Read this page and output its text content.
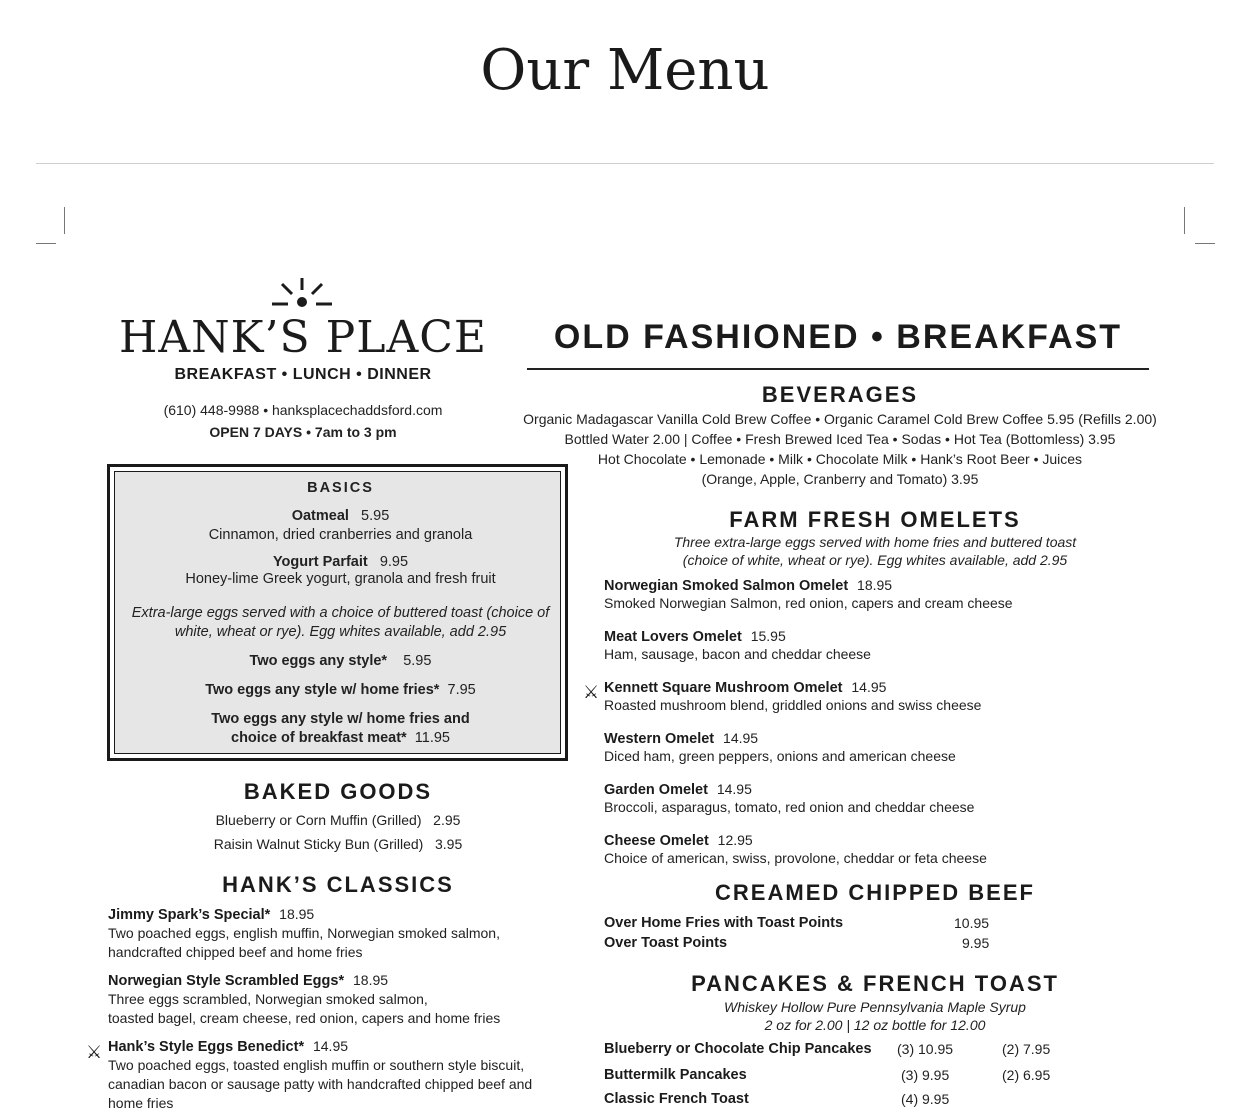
Our Menu
HANK’S PLACE
BREAKFAST • LUNCH • DINNER
(610) 448-9988 • hanksplacechaddsford.com
OPEN 7 DAYS • 7am to 3 pm
BASICS
Oatmeal 5.95
Cinnamon, dried cranberries and granola
Yogurt Parfait 9.95
Honey-lime Greek yogurt, granola and fresh fruit
Extra-large eggs served with a choice of buttered toast (choice of
white, wheat or rye). Egg whites available, add 2.95
Two eggs any style* 5.95
Two eggs any style w/ home fries* 7.95
Two eggs any style w/ home fries and
choice of breakfast meat* 11.95
BAKED GOODS
Blueberry or Corn Muffin (Grilled) 2.95
Raisin Walnut Sticky Bun (Grilled) 3.95
HANK’S CLASSICS
Jimmy Spark’s Special* 18.95
Two poached eggs, english muffin, Norwegian smoked salmon,
handcrafted chipped beef and home fries
Norwegian Style Scrambled Eggs* 18.95
Three eggs scrambled, Norwegian smoked salmon,
toasted bagel, cream cheese, red onion, capers and home fries
⚔ Hank’s Style Eggs Benedict* 14.95
Two poached eggs, toasted english muffin or southern style biscuit,
canadian bacon or sausage patty with handcrafted chipped beef and
home fries
OLD FASHIONED • BREAKFAST
BEVERAGES
Organic Madagascar Vanilla Cold Brew Coffee • Organic Caramel Cold Brew Coffee 5.95 (Refills 2.00)
Bottled Water 2.00 | Coffee • Fresh Brewed Iced Tea • Sodas • Hot Tea (Bottomless) 3.95
Hot Chocolate • Lemonade • Milk • Chocolate Milk • Hank’s Root Beer • Juices
(Orange, Apple, Cranberry and Tomato) 3.95
FARM FRESH OMELETS
Three extra-large eggs served with home fries and buttered toast
(choice of white, wheat or rye). Egg whites available, add 2.95
Norwegian Smoked Salmon Omelet 18.95
Smoked Norwegian Salmon, red onion, capers and cream cheese
Meat Lovers Omelet 15.95
Ham, sausage, bacon and cheddar cheese
⚔ Kennett Square Mushroom Omelet 14.95
Roasted mushroom blend, griddled onions and swiss cheese
Western Omelet 14.95
Diced ham, green peppers, onions and american cheese
Garden Omelet 14.95
Broccoli, asparagus, tomato, red onion and cheddar cheese
Cheese Omelet 12.95
Choice of american, swiss, provolone, cheddar or feta cheese
CREAMED CHIPPED BEEF
Over Home Fries with Toast Points	10.95
Over Toast Points	9.95
PANCAKES & FRENCH TOAST
Whiskey Hollow Pure Pennsylvania Maple Syrup
2 oz for 2.00 | 12 oz bottle for 12.00
Blueberry or Chocolate Chip Pancakes (3) 10.95	(2) 7.95
Buttermilk Pancakes	(3) 9.95	(2) 6.95
Classic French Toast	(4) 9.95
